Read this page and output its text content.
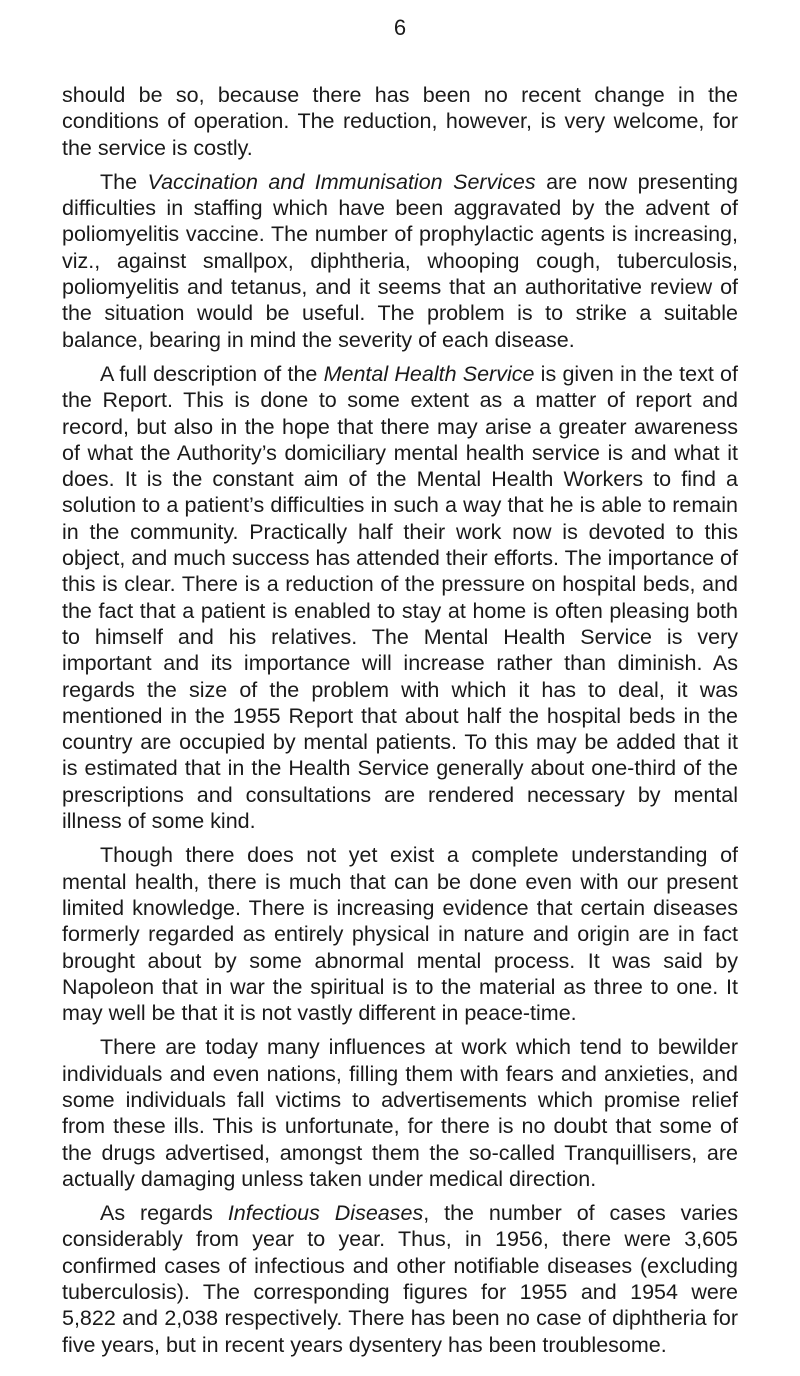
6

should be so, because there has been no recent change in the conditions of operation. The reduction, however, is very welcome, for the service is costly.

The Vaccination and Immunisation Services are now presenting difficulties in staffing which have been aggravated by the advent of poliomyelitis vaccine. The number of prophylactic agents is increasing, viz., against smallpox, diphtheria, whooping cough, tuberculosis, poliomyelitis and tetanus, and it seems that an authoritative review of the situation would be useful. The problem is to strike a suitable balance, bearing in mind the severity of each disease.

A full description of the Mental Health Service is given in the text of the Report. This is done to some extent as a matter of report and record, but also in the hope that there may arise a greater awareness of what the Authority’s domiciliary mental health service is and what it does. It is the constant aim of the Mental Health Workers to find a solution to a patient’s difficulties in such a way that he is able to remain in the community. Practically half their work now is devoted to this object, and much success has attended their efforts. The importance of this is clear. There is a reduction of the pressure on hospital beds, and the fact that a patient is enabled to stay at home is often pleasing both to himself and his relatives. The Mental Health Service is very important and its importance will increase rather than diminish. As regards the size of the problem with which it has to deal, it was mentioned in the 1955 Report that about half the hospital beds in the country are occupied by mental patients. To this may be added that it is estimated that in the Health Service generally about one-third of the prescriptions and consultations are rendered necessary by mental illness of some kind.

Though there does not yet exist a complete understanding of mental health, there is much that can be done even with our present limited knowledge. There is increasing evidence that certain diseases formerly regarded as entirely physical in nature and origin are in fact brought about by some abnormal mental process. It was said by Napoleon that in war the spiritual is to the material as three to one. It may well be that it is not vastly different in peace-time.

There are today many influences at work which tend to bewilder individuals and even nations, filling them with fears and anxieties, and some individuals fall victims to advertisements which promise relief from these ills. This is unfortunate, for there is no doubt that some of the drugs advertised, amongst them the so-called Tranquillisers, are actually damaging unless taken under medical direction.

As regards Infectious Diseases, the number of cases varies considerably from year to year. Thus, in 1956, there were 3,605 confirmed cases of infectious and other notifiable diseases (excluding tuberculosis). The corresponding figures for 1955 and 1954 were 5,822 and 2,038 respectively. There has been no case of diphtheria for five years, but in recent years dysentery has been troublesome.
